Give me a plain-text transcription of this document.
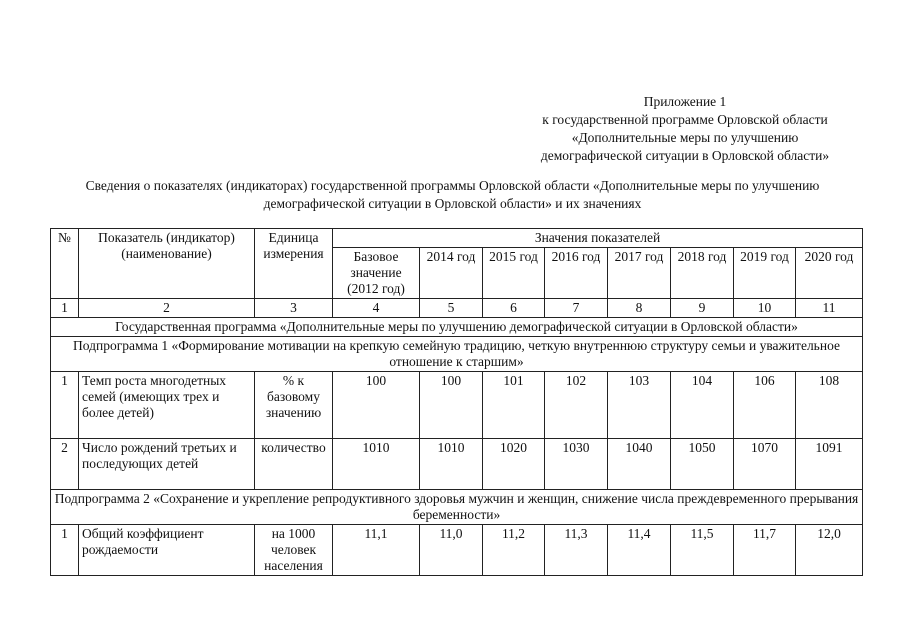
Приложение 1
к государственной программе Орловской области
«Дополнительные меры по улучшению
демографической ситуации в Орловской области»
Сведения о показателях (индикаторах) государственной программы Орловской области «Дополнительные меры по улучшению демографической ситуации в Орловской области» и их значениях
№	Показатель (индикатор) (наименование)	Единица измерения	Значения показателей							
			Базовое значение (2012 год)	2014 год	2015 год	2016 год	2017 год	2018 год	2019 год	2020 год
1	2	3	4	5	6	7	8	9	10	11
Государственная программа «Дополнительные меры по улучшению демографической ситуации в Орловской области»										
Подпрограмма 1 «Формирование мотивации на крепкую семейную традицию, четкую внутреннюю структуру семьи и уважительное отношение к старшим»										
1	Темп роста многодетных семей (имеющих трех и более детей)	% к базовому значению	100	100	101	102	103	104	106	108
2	Число рождений третьих и последующих детей	количество	1010	1010	1020	1030	1040	1050	1070	1091
Подпрограмма 2 «Сохранение и укрепление репродуктивного здоровья мужчин и женщин, снижение числа преждевременного прерывания беременности»										
1	Общий коэффициент рождаемости	на 1000 человек населения	11,1	11,0	11,2	11,3	11,4	11,5	11,7	12,0
